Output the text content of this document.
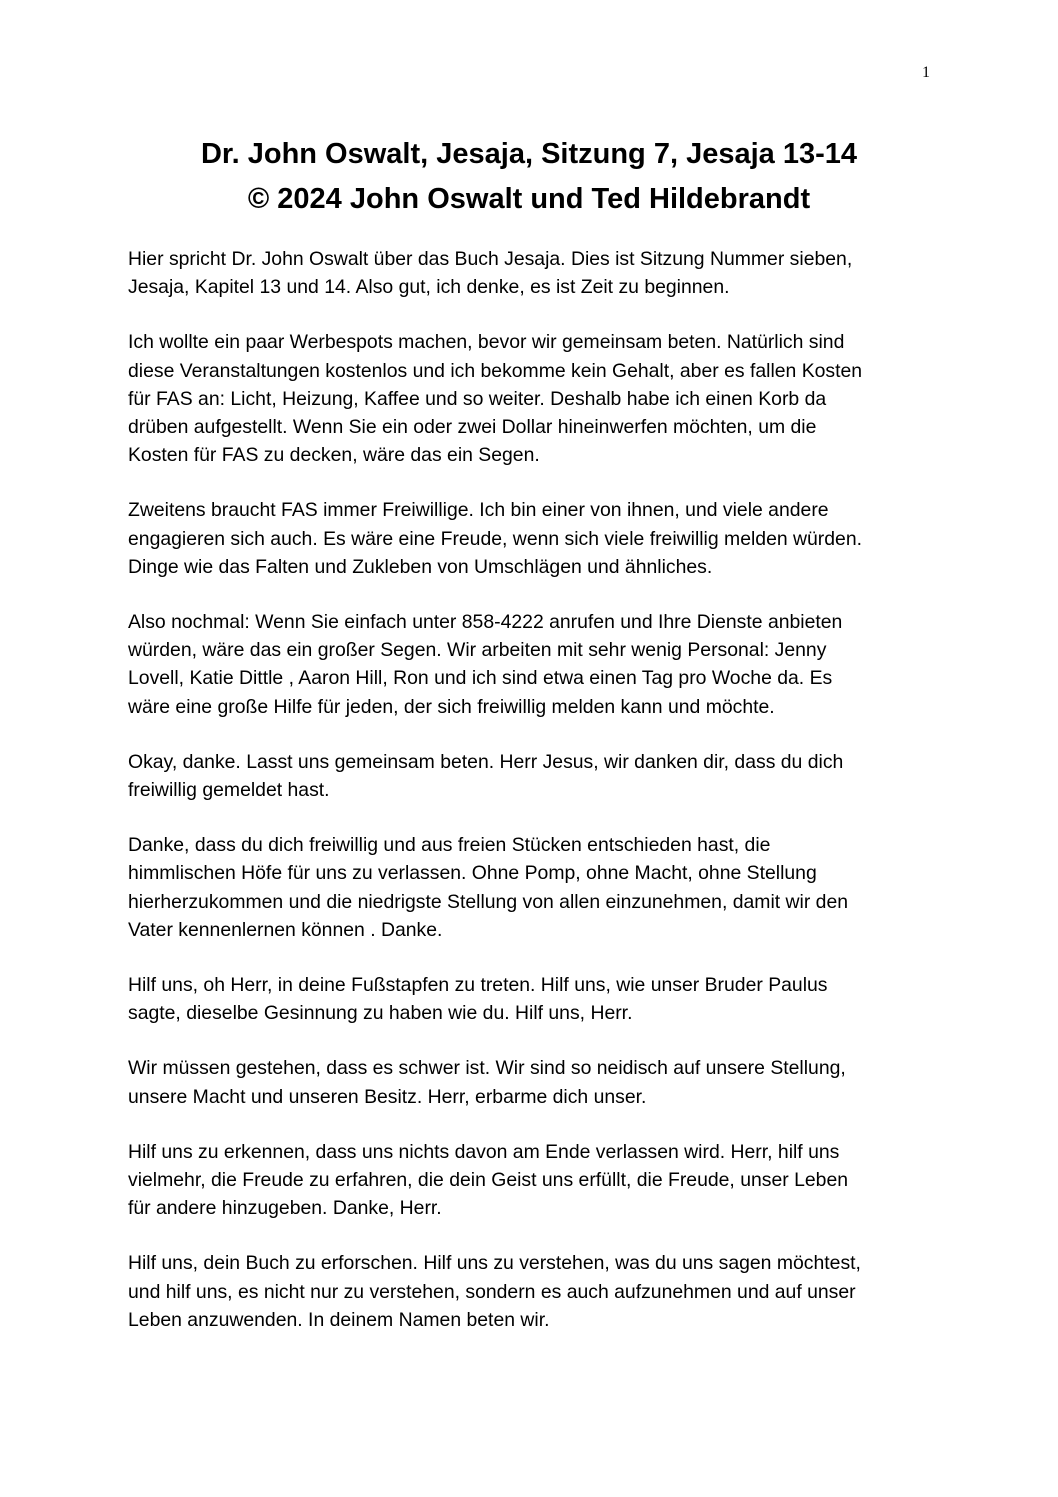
1
Dr. John Oswalt, Jesaja, Sitzung 7, Jesaja 13-14
© 2024 John Oswalt und Ted Hildebrandt

Hier spricht Dr. John Oswalt über das Buch Jesaja. Dies ist Sitzung Nummer sieben,
Jesaja, Kapitel 13 und 14. Also gut, ich denke, es ist Zeit zu beginnen.

Ich wollte ein paar Werbespots machen, bevor wir gemeinsam beten. Natürlich sind
diese Veranstaltungen kostenlos und ich bekomme kein Gehalt, aber es fallen Kosten
für FAS an: Licht, Heizung, Kaffee und so weiter. Deshalb habe ich einen Korb da
drüben aufgestellt. Wenn Sie ein oder zwei Dollar hineinwerfen möchten, um die
Kosten für FAS zu decken, wäre das ein Segen.

Zweitens braucht FAS immer Freiwillige. Ich bin einer von ihnen, und viele andere
engagieren sich auch. Es wäre eine Freude, wenn sich viele freiwillig melden würden.
Dinge wie das Falten und Zukleben von Umschlägen und ähnliches.

Also nochmal: Wenn Sie einfach unter 858-4222 anrufen und Ihre Dienste anbieten
würden, wäre das ein großer Segen. Wir arbeiten mit sehr wenig Personal: Jenny
Lovell, Katie Dittle , Aaron Hill, Ron und ich sind etwa einen Tag pro Woche da. Es
wäre eine große Hilfe für jeden, der sich freiwillig melden kann und möchte.

Okay, danke. Lasst uns gemeinsam beten. Herr Jesus, wir danken dir, dass du dich
freiwillig gemeldet hast.

Danke, dass du dich freiwillig und aus freien Stücken entschieden hast, die
himmlischen Höfe für uns zu verlassen. Ohne Pomp, ohne Macht, ohne Stellung
hierherzukommen und die niedrigste Stellung von allen einzunehmen, damit wir den
Vater kennenlernen können . Danke.

Hilf uns, oh Herr, in deine Fußstapfen zu treten. Hilf uns, wie unser Bruder Paulus
sagte, dieselbe Gesinnung zu haben wie du. Hilf uns, Herr.

Wir müssen gestehen, dass es schwer ist. Wir sind so neidisch auf unsere Stellung,
unsere Macht und unseren Besitz. Herr, erbarme dich unser.

Hilf uns zu erkennen, dass uns nichts davon am Ende verlassen wird. Herr, hilf uns
vielmehr, die Freude zu erfahren, die dein Geist uns erfüllt, die Freude, unser Leben
für andere hinzugeben. Danke, Herr.

Hilf uns, dein Buch zu erforschen. Hilf uns zu verstehen, was du uns sagen möchtest,
und hilf uns, es nicht nur zu verstehen, sondern es auch aufzunehmen und auf unser
Leben anzuwenden. In deinem Namen beten wir.
